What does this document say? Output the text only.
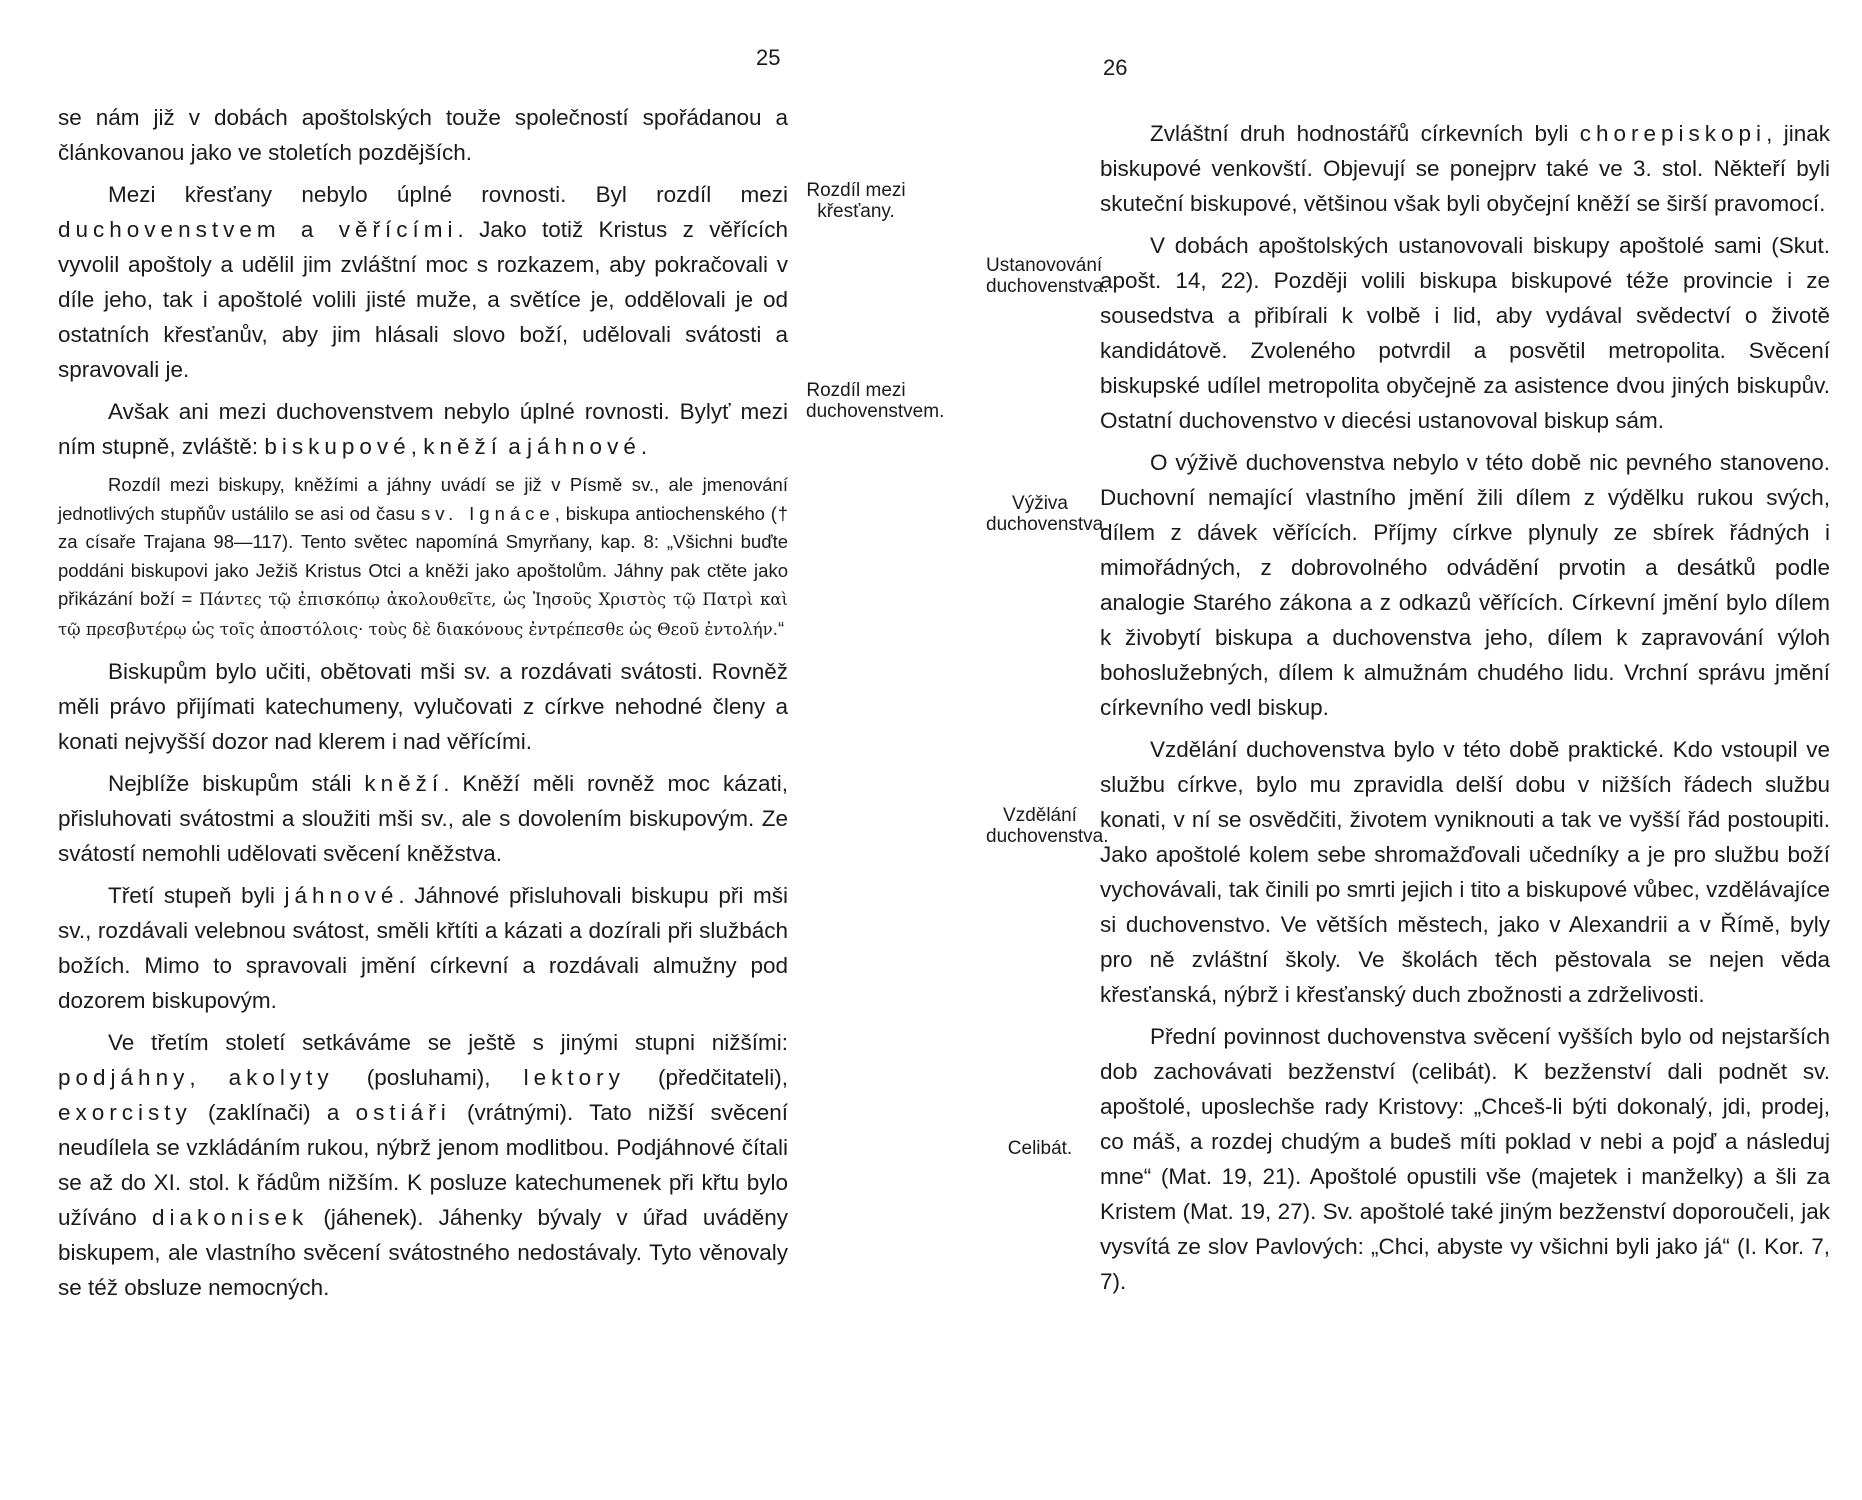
25

se nám již v dobách apoštolských touže společností spořádanou a článkovanou jako ve stoletích pozdějších.

Mezi křesťany nebylo úplné rovnosti. Byl rozdíl mezi duchovenstvem a věřícími. Jako totiž Kristus z věřících vyvolil apoštoly a udělil jim zvláštní moc s rozkazem, aby pokračovali v díle jeho, tak i apoštolé volili jisté muže, a světíce je, oddělovali je od ostatních křesťanův, aby jim hlásali slovo boží, udělovali svátosti a spravovali je.

Avšak ani mezi duchovenstvem nebylo úplné rovnosti. Bylyť mezi ním stupně, zvláště: biskupové, kněží a jáhnové.

Rozdíl mezi biskupy, kněžími a jáhny uvádí se již v Písmě sv., ale jmenování jednotlivých stupňův ustálilo se asi od času sv. Ignáce, biskupa antiochenského († za císaře Trajana 98—117). Tento světec napomíná Smyrňany, kap. 8: „Všichni buďte poddáni biskupovi jako Ježiš Kristus Otci a kněži jako apoštolům. Jáhny pak ctěte jako přikázání boží = Πάντες τῷ ἐπισκόπῳ ἀκολουθεῖτε, ὡς Ἰησοῦς Χριστὸς τῷ Πατρὶ καὶ τῷ πρεσβυτέρῳ ὡς τοῖς ἀποστόλοις· τοὺς δὲ διακόνους ἐντρέπεσθε ὡς Θεοῦ ἐντολήν.“

Biskupům bylo učiti, obětovati mši sv. a rozdávati svátosti. Rovněž měli právo přijímati katechumeny, vylučovati z církve nehodné členy a konati nejvyšší dozor nad klerem i nad věřícími.

Nejblíže biskupům stáli kněží. Kněží měli rovněž moc kázati, přisluhovati svátostmi a sloužiti mši sv., ale s dovolením biskupovým. Ze svátostí nemohli udělovati svěcení kněžstva.

Třetí stupeň byli jáhnové. Jáhnové přisluhovali biskupu při mši sv., rozdávali velebnou svátost, směli křtíti a kázati a dozírali při službách božích. Mimo to spravovali jmění církevní a rozdávali almužny pod dozorem biskupovým.

Ve třetím století setkáváme se ještě s jinými stupni nižšími: podjáhny, akolyty (posluhami), lektory (předčitateli), exorcisty (zaklínači) a ostiáři (vrátnými). Tato nižší svěcení neudílela se vzkládáním rukou, nýbrž jenom modlitbou. Podjáhnové čítali se až do XI. stol. k řádům nižším. K posluze katechumenek při křtu bylo užíváno diakonisek (jáhenek). Jáhenky bývaly v úřad uváděny biskupem, ale vlastního svěcení svátostného nedostávaly. Tyto věnovaly se též obsluze nemocných.

Rozdíl mezi křesťany.
Rozdíl mezi duchovenstvem.
26
Ustanovování duchovenstva.
Výživa duchovenstva.
Vzdělání duchovenstva.
Celibát.

Zvláštní druh hodnostářů církevních byli chorepiskopi, jinak biskupové venkovští. Objevují se ponejprv také ve 3. stol. Někteří byli skuteční biskupové, většinou však byli obyčejní kněží se širší pravomocí.

V dobách apoštolských ustanovovali biskupy apoštolé sami (Skut. apošt. 14, 22). Později volili biskupa biskupové téže provincie i ze sousedstva a přibírali k volbě i lid, aby vydával svědectví o životě kandidátově. Zvoleného potvrdil a posvětil metropolita. Svěcení biskupské udílel metropolita obyčejně za asistence dvou jiných biskupův. Ostatní duchovenstvo v diecési ustanovoval biskup sám.

O výživě duchovenstva nebylo v této době nic pevného stanoveno. Duchovní nemající vlastního jmění žili dílem z výdělku rukou svých, dílem z dávek věřících. Příjmy církve plynuly ze sbírek řádných i mimořádných, z dobrovolného odvádění prvotin a desátků podle analogie Starého zákona a z odkazů věřících. Církevní jmění bylo dílem k živobytí biskupa a duchovenstva jeho, dílem k zapravování výloh bohoslužebných, dílem k almužnám chudého lidu. Vrchní správu jmění církevního vedl biskup.

Vzdělání duchovenstva bylo v této době praktické. Kdo vstoupil ve službu církve, bylo mu zpravidla delší dobu v nižších řádech službu konati, v ní se osvědčiti, životem vyniknouti a tak ve vyšší řád postoupiti. Jako apoštolé kolem sebe shromažďovali učedníky a je pro službu boží vychovávali, tak činili po smrti jejich i tito a biskupové vůbec, vzdělávajíce si duchovenstvo. Ve větších městech, jako v Alexandrii a v Římě, byly pro ně zvláštní školy. Ve školách těch pěstovala se nejen věda křesťanská, nýbrž i křesťanský duch zbožnosti a zdrželivosti.

Přední povinnost duchovenstva svěcení vyšších bylo od nejstarších dob zachovávati bezženství (celibát). K bezženství dali podnět sv. apoštolé, uposlechše rady Kristovy: „Chceš-li býti dokonalý, jdi, prodej, co máš, a rozdej chudým a budeš míti poklad v nebi a pojď a následuj mne“ (Mat. 19, 21). Apoštolé opustili vše (majetek i manželky) a šli za Kristem (Mat. 19, 27). Sv. apoštolé také jiným bezženství doporoučeli, jak vysvítá ze slov Pavlových: „Chci, abyste vy všichni byli jako já“ (I. Kor. 7, 7).
